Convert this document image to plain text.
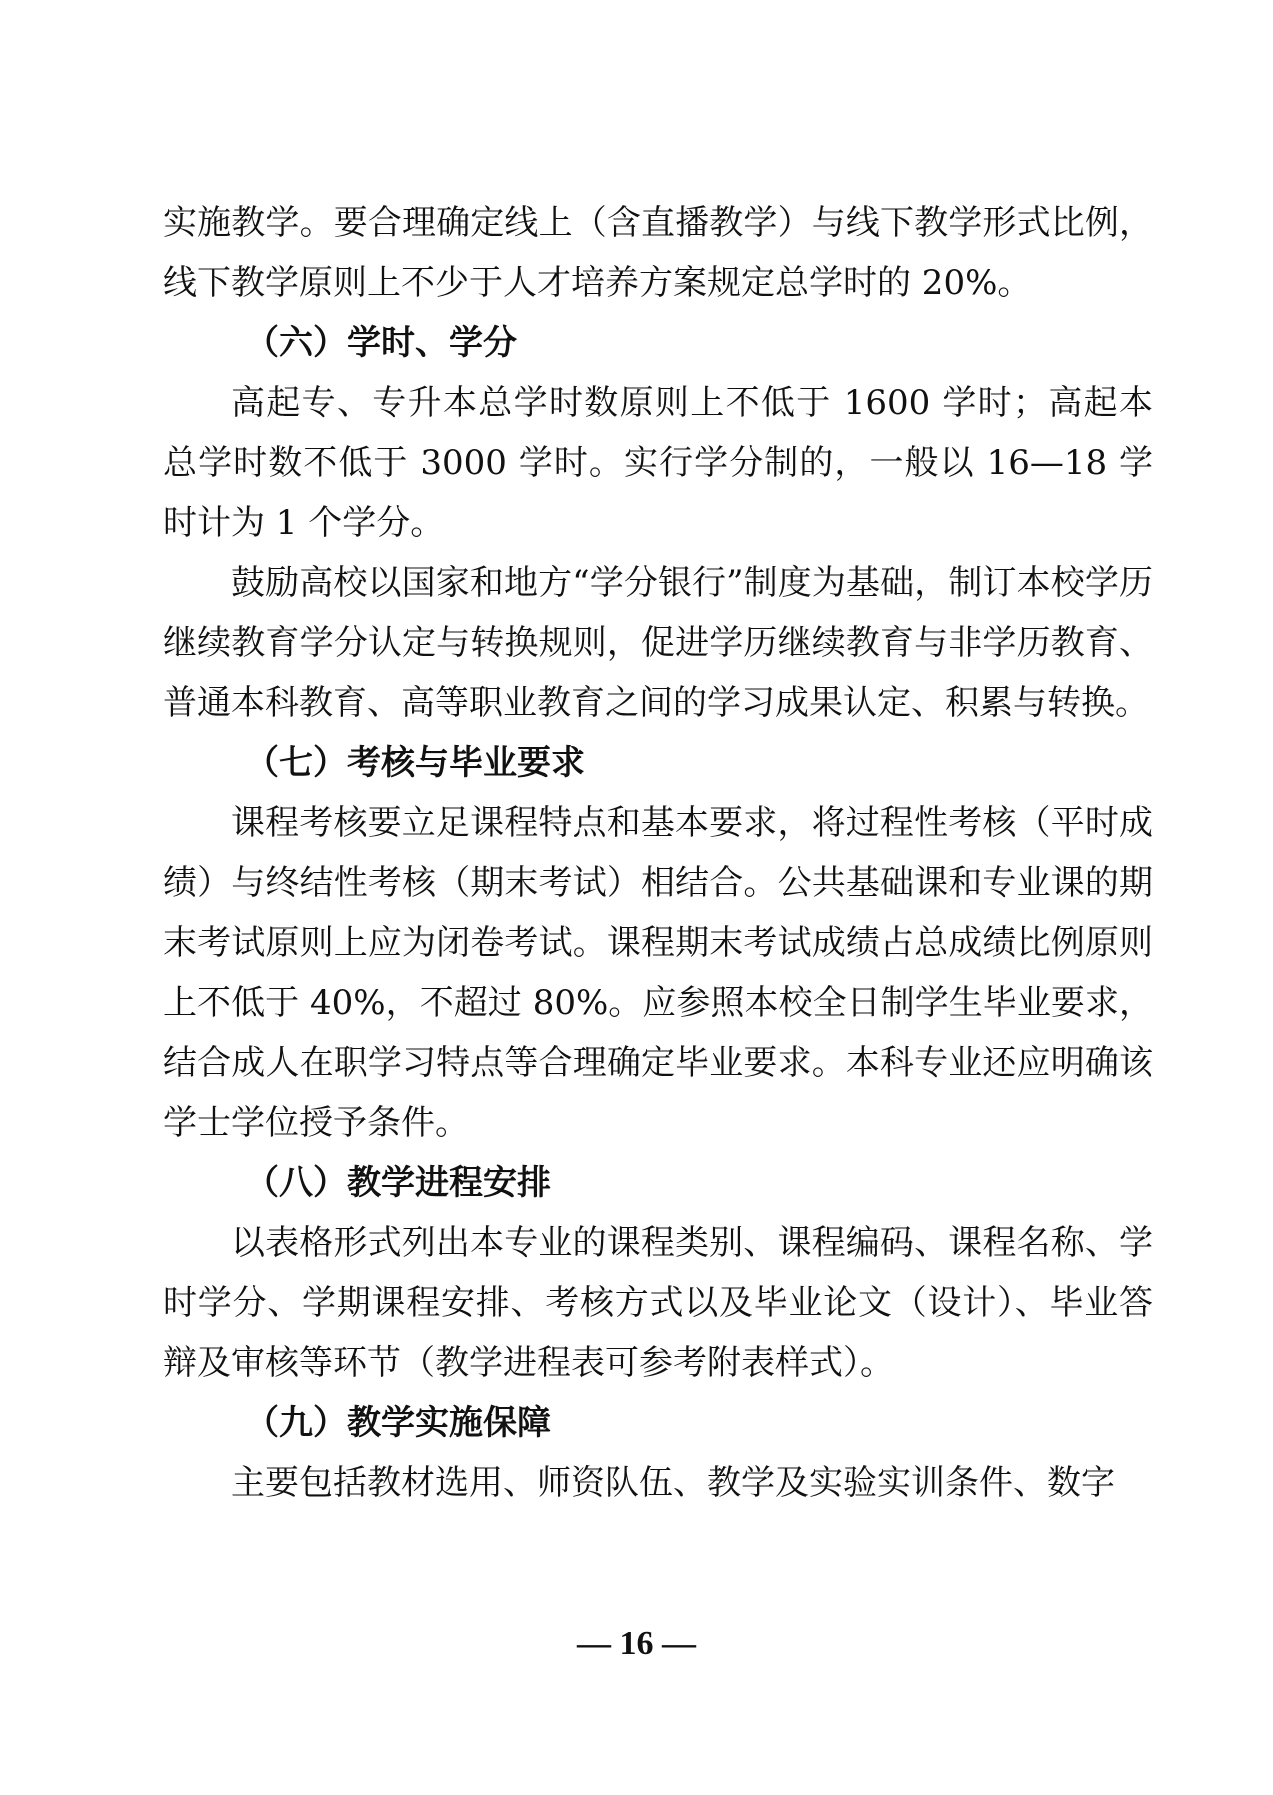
实施教学。要合理确定线上（含直播教学）与线下教学形式比例，线下教学原则上不少于人才培养方案规定总学时的 20%。

（六）学时、学分

高起专、专升本总学时数原则上不低于 1600 学时；高起本总学时数不低于 3000 学时。实行学分制的，一般以 16—18 学时计为 1 个学分。

鼓励高校以国家和地方“学分银行”制度为基础，制订本校学历继续教育学分认定与转换规则，促进学历继续教育与非学历教育、普通本科教育、高等职业教育之间的学习成果认定、积累与转换。

（七）考核与毕业要求

课程考核要立足课程特点和基本要求，将过程性考核（平时成绩）与终结性考核（期末考试）相结合。公共基础课和专业课的期末考试原则上应为闭卷考试。课程期末考试成绩占总成绩比例原则上不低于 40%，不超过 80%。应参照本校全日制学生毕业要求，结合成人在职学习特点等合理确定毕业要求。本科专业还应明确该学士学位授予条件。

（八）教学进程安排

以表格形式列出本专业的课程类别、课程编码、课程名称、学时学分、学期课程安排、考核方式以及毕业论文（设计）、毕业答辩及审核等环节（教学进程表可参考附表样式）。

（九）教学实施保障

主要包括教材选用、师资队伍、教学及实验实训条件、数字

— 16 —
